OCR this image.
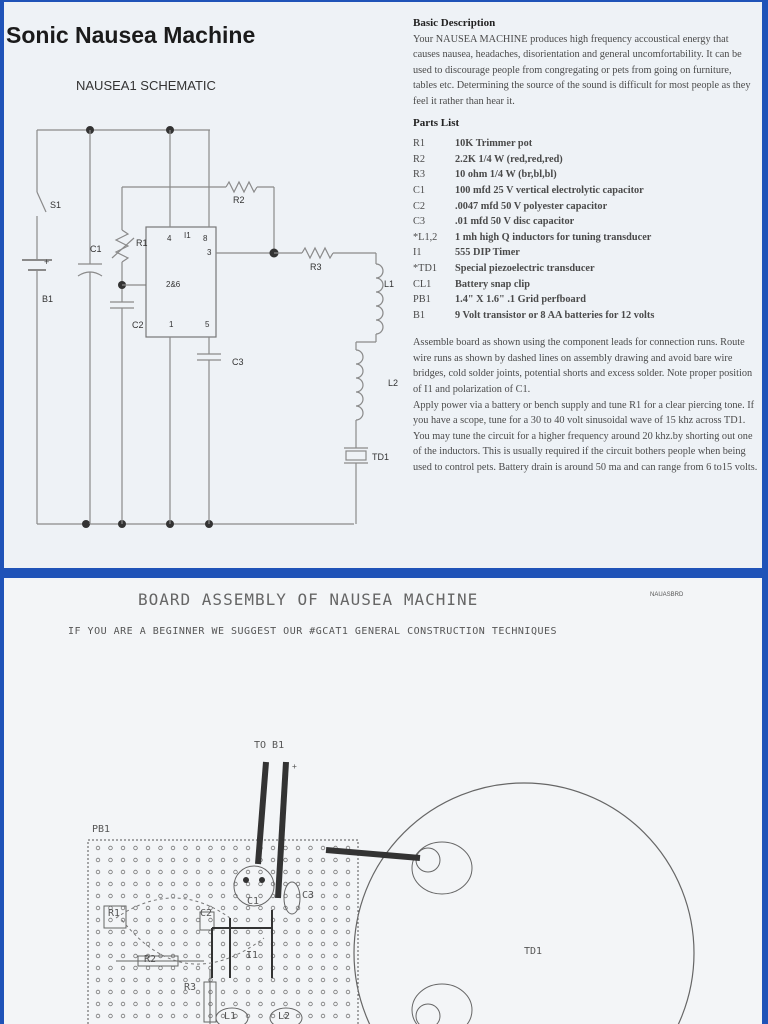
Sonic Nausea Machine
NAUSEA1 SCHEMATIC
S1
B1
+
C1
R1
R2
R3
C2
C3
L1
L2
TD1
4 I1 8
3
2&6
1	5
Basic Description

Your NAUSEA MACHINE produces high frequency accoustical energy that causes nausea, headaches, disorientation and general uncomfortability. It can be used to discourage people from congregating or pets from going on furniture, tables etc. Determining the source of the sound is difficult for most people as they feel it rather than hear it.

Parts List
R1	10K Trimmer pot
R2	2.2K 1/4 W (red,red,red)
R3	10 ohm 1/4 W (br,bl,bl)
C1	100 mfd 25 V vertical electrolytic capacitor
C2	.0047 mfd 50 V polyester capacitor
C3	.01 mfd 50 V disc capacitor
*L1,2	1 mh high Q inductors for tuning transducer
I1	555 DIP Timer
*TD1	Special piezoelectric transducer
CL1	Battery snap clip
PB1	1.4" X 1.6" .1 Grid perfboard
B1	9 Volt transistor or 8 AA batteries for 12 volts

Assemble board as shown using the component leads for connection runs. Route wire runs as shown by dashed lines on assembly drawing and avoid bare wire bridges, cold solder joints, potential shorts and excess solder. Note proper position of I1 and polarization of C1.

Apply power via a battery or bench supply and tune R1 for a clear piercing tone. If you have a scope, tune for a 30 to 40 volt sinusoidal wave of 15 khz across TD1. You may tune the circuit for a higher frequency around 20 khz.by shorting out one of the inductors. This is usually required if the circuit bothers people when being used to control pets. Battery drain is around 50 ma and can range from 6 to15 volts.

BOARD ASSEMBLY OF NAUSEA MACHINE	NAUASBRD
IF YOU ARE A BEGINNER WE SUGGEST OUR #GCAT1 GENERAL CONSTRUCTION TECHNIQUES
TO B1
+
PB1
TD1
R1	C2
C1
C3
R2	I1
R3
L1	L2
